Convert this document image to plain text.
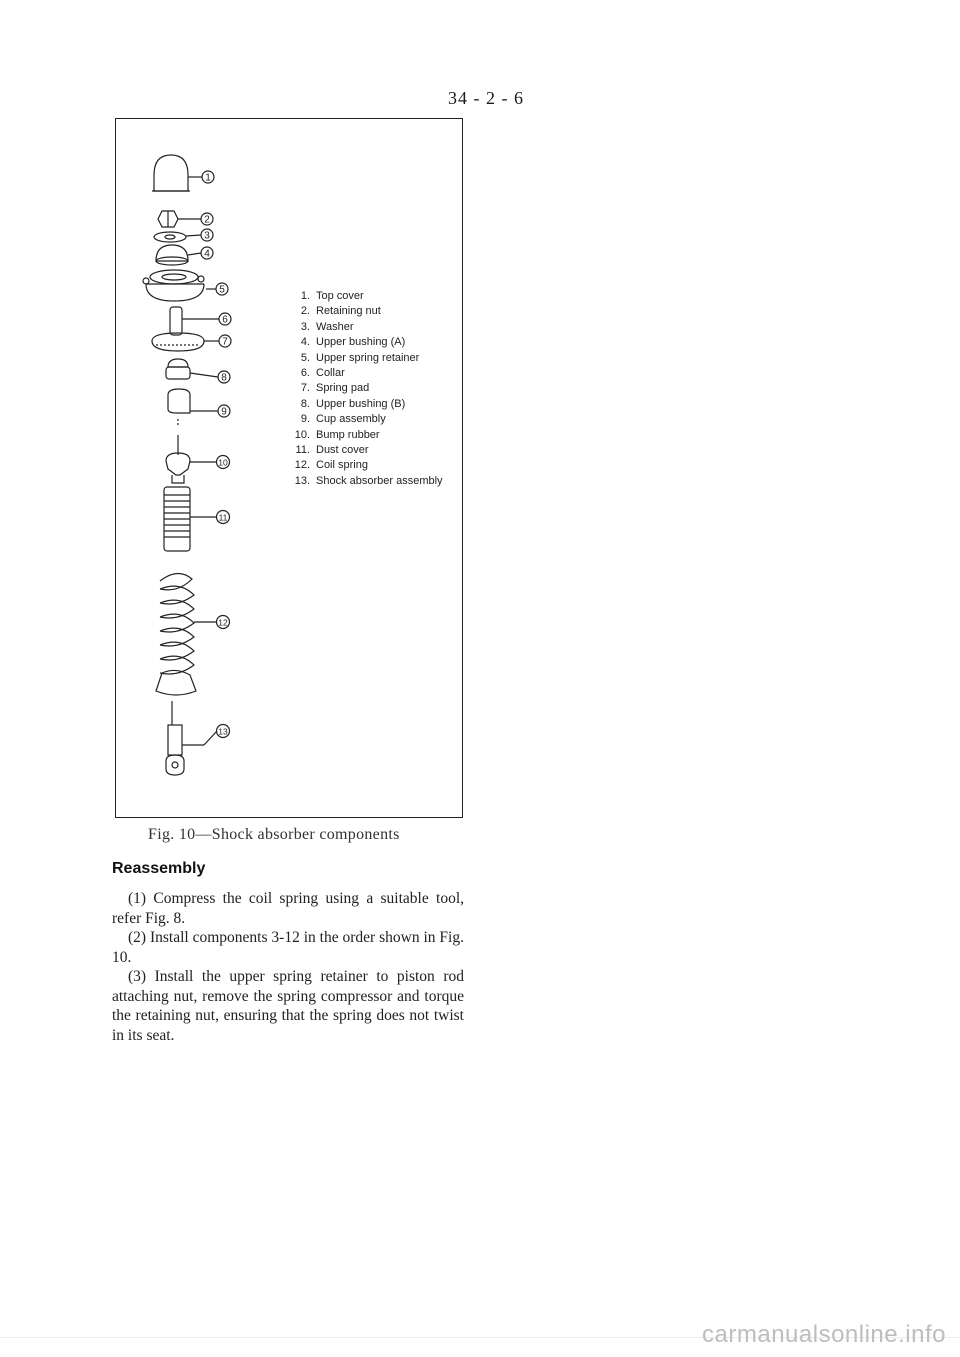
34 - 2 - 6
1
2
3
4
5
6
7
8
9
10
11
12
13
1. Top cover
2. Retaining nut
3. Washer
4. Upper bushing (A)
5. Upper spring retainer
6. Collar
7. Spring pad
8. Upper bushing (B)
9. Cup assembly
10. Bump rubber
11. Dust cover
12. Coil spring
13. Shock absorber assembly
Fig. 10—Shock absorber components
Reassembly

(1) Compress the coil spring using a suitable tool, refer Fig. 8.

(2) Install components 3-12 in the order shown in Fig. 10.

(3) Install the upper spring retainer to piston rod attaching nut, remove the spring compressor and torque the retaining nut, ensuring that the spring does not twist in its seat.

carmanualsonline.info
